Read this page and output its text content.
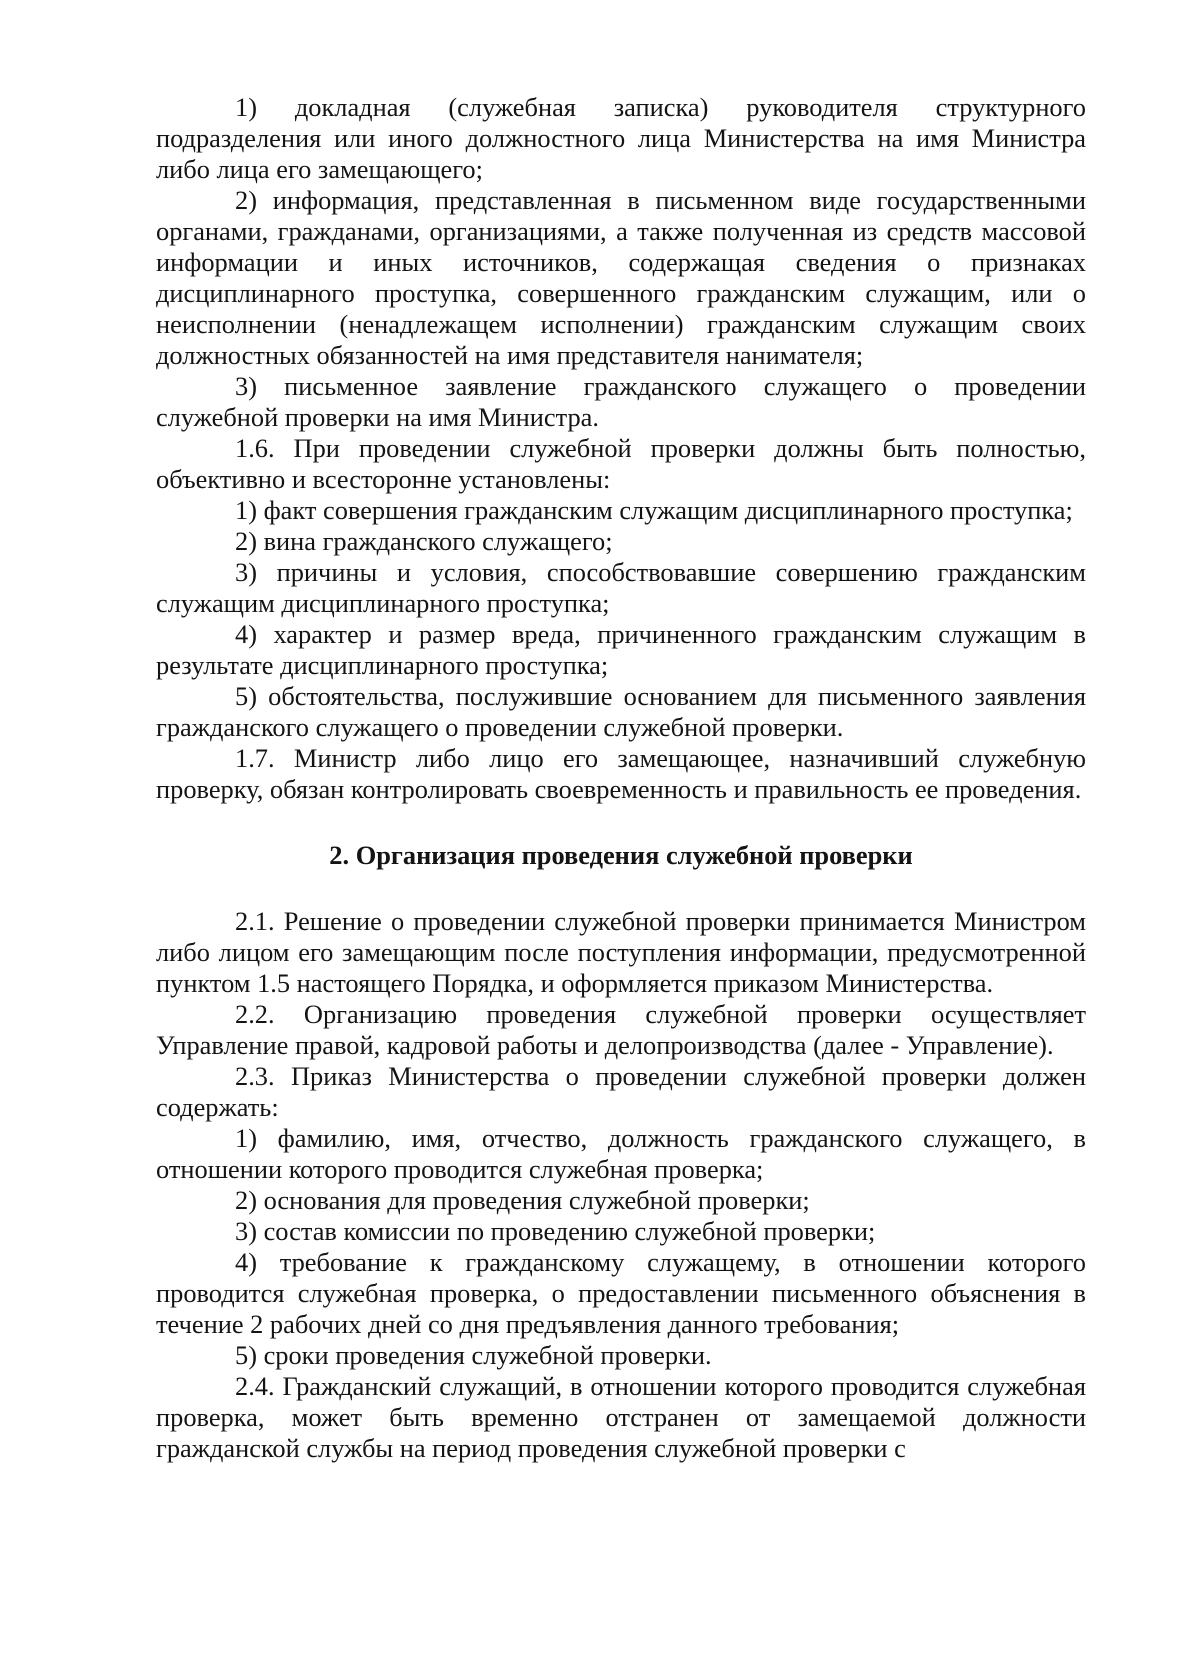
1) докладная (служебная записка) руководителя структурного подразделения или иного должностного лица Министерства на имя Министра либо лица его замещающего;

2) информация, представленная в письменном виде государственными органами, гражданами, организациями, а также полученная из средств массовой информации и иных источников, содержащая сведения о признаках дисциплинарного проступка, совершенного гражданским служащим, или о неисполнении (ненадлежащем исполнении) гражданским служащим своих должностных обязанностей на имя представителя нанимателя;

3) письменное заявление гражданского служащего о проведении служебной проверки на имя Министра.

1.6. При проведении служебной проверки должны быть полностью, объективно и всесторонне установлены:

1) факт совершения гражданским служащим дисциплинарного проступка;

2) вина гражданского служащего;

3) причины и условия, способствовавшие совершению гражданским служащим дисциплинарного проступка;

4) характер и размер вреда, причиненного гражданским служащим в результате дисциплинарного проступка;

5) обстоятельства, послужившие основанием для письменного заявления гражданского служащего о проведении служебной проверки.

1.7. Министр либо лицо его замещающее, назначивший служебную проверку, обязан контролировать своевременность и правильность ее проведения.

2. Организация проведения служебной проверки

2.1. Решение о проведении служебной проверки принимается Министром либо лицом его замещающим после поступления информации, предусмотренной пунктом 1.5 настоящего Порядка, и оформляется приказом Министерства.

2.2. Организацию проведения служебной проверки осуществляет Управление правой, кадровой работы и делопроизводства (далее - Управление).

2.3. Приказ Министерства о проведении служебной проверки должен содержать:

1) фамилию, имя, отчество, должность гражданского служащего, в отношении которого проводится служебная проверка;

2) основания для проведения служебной проверки;

3) состав комиссии по проведению служебной проверки;

4) требование к гражданскому служащему, в отношении которого проводится служебная проверка, о предоставлении письменного объяснения в течение 2 рабочих дней со дня предъявления данного требования;

5) сроки проведения служебной проверки.

2.4. Гражданский служащий, в отношении которого проводится служебная проверка, может быть временно отстранен от замещаемой должности гражданской службы на период проведения служебной проверки с
